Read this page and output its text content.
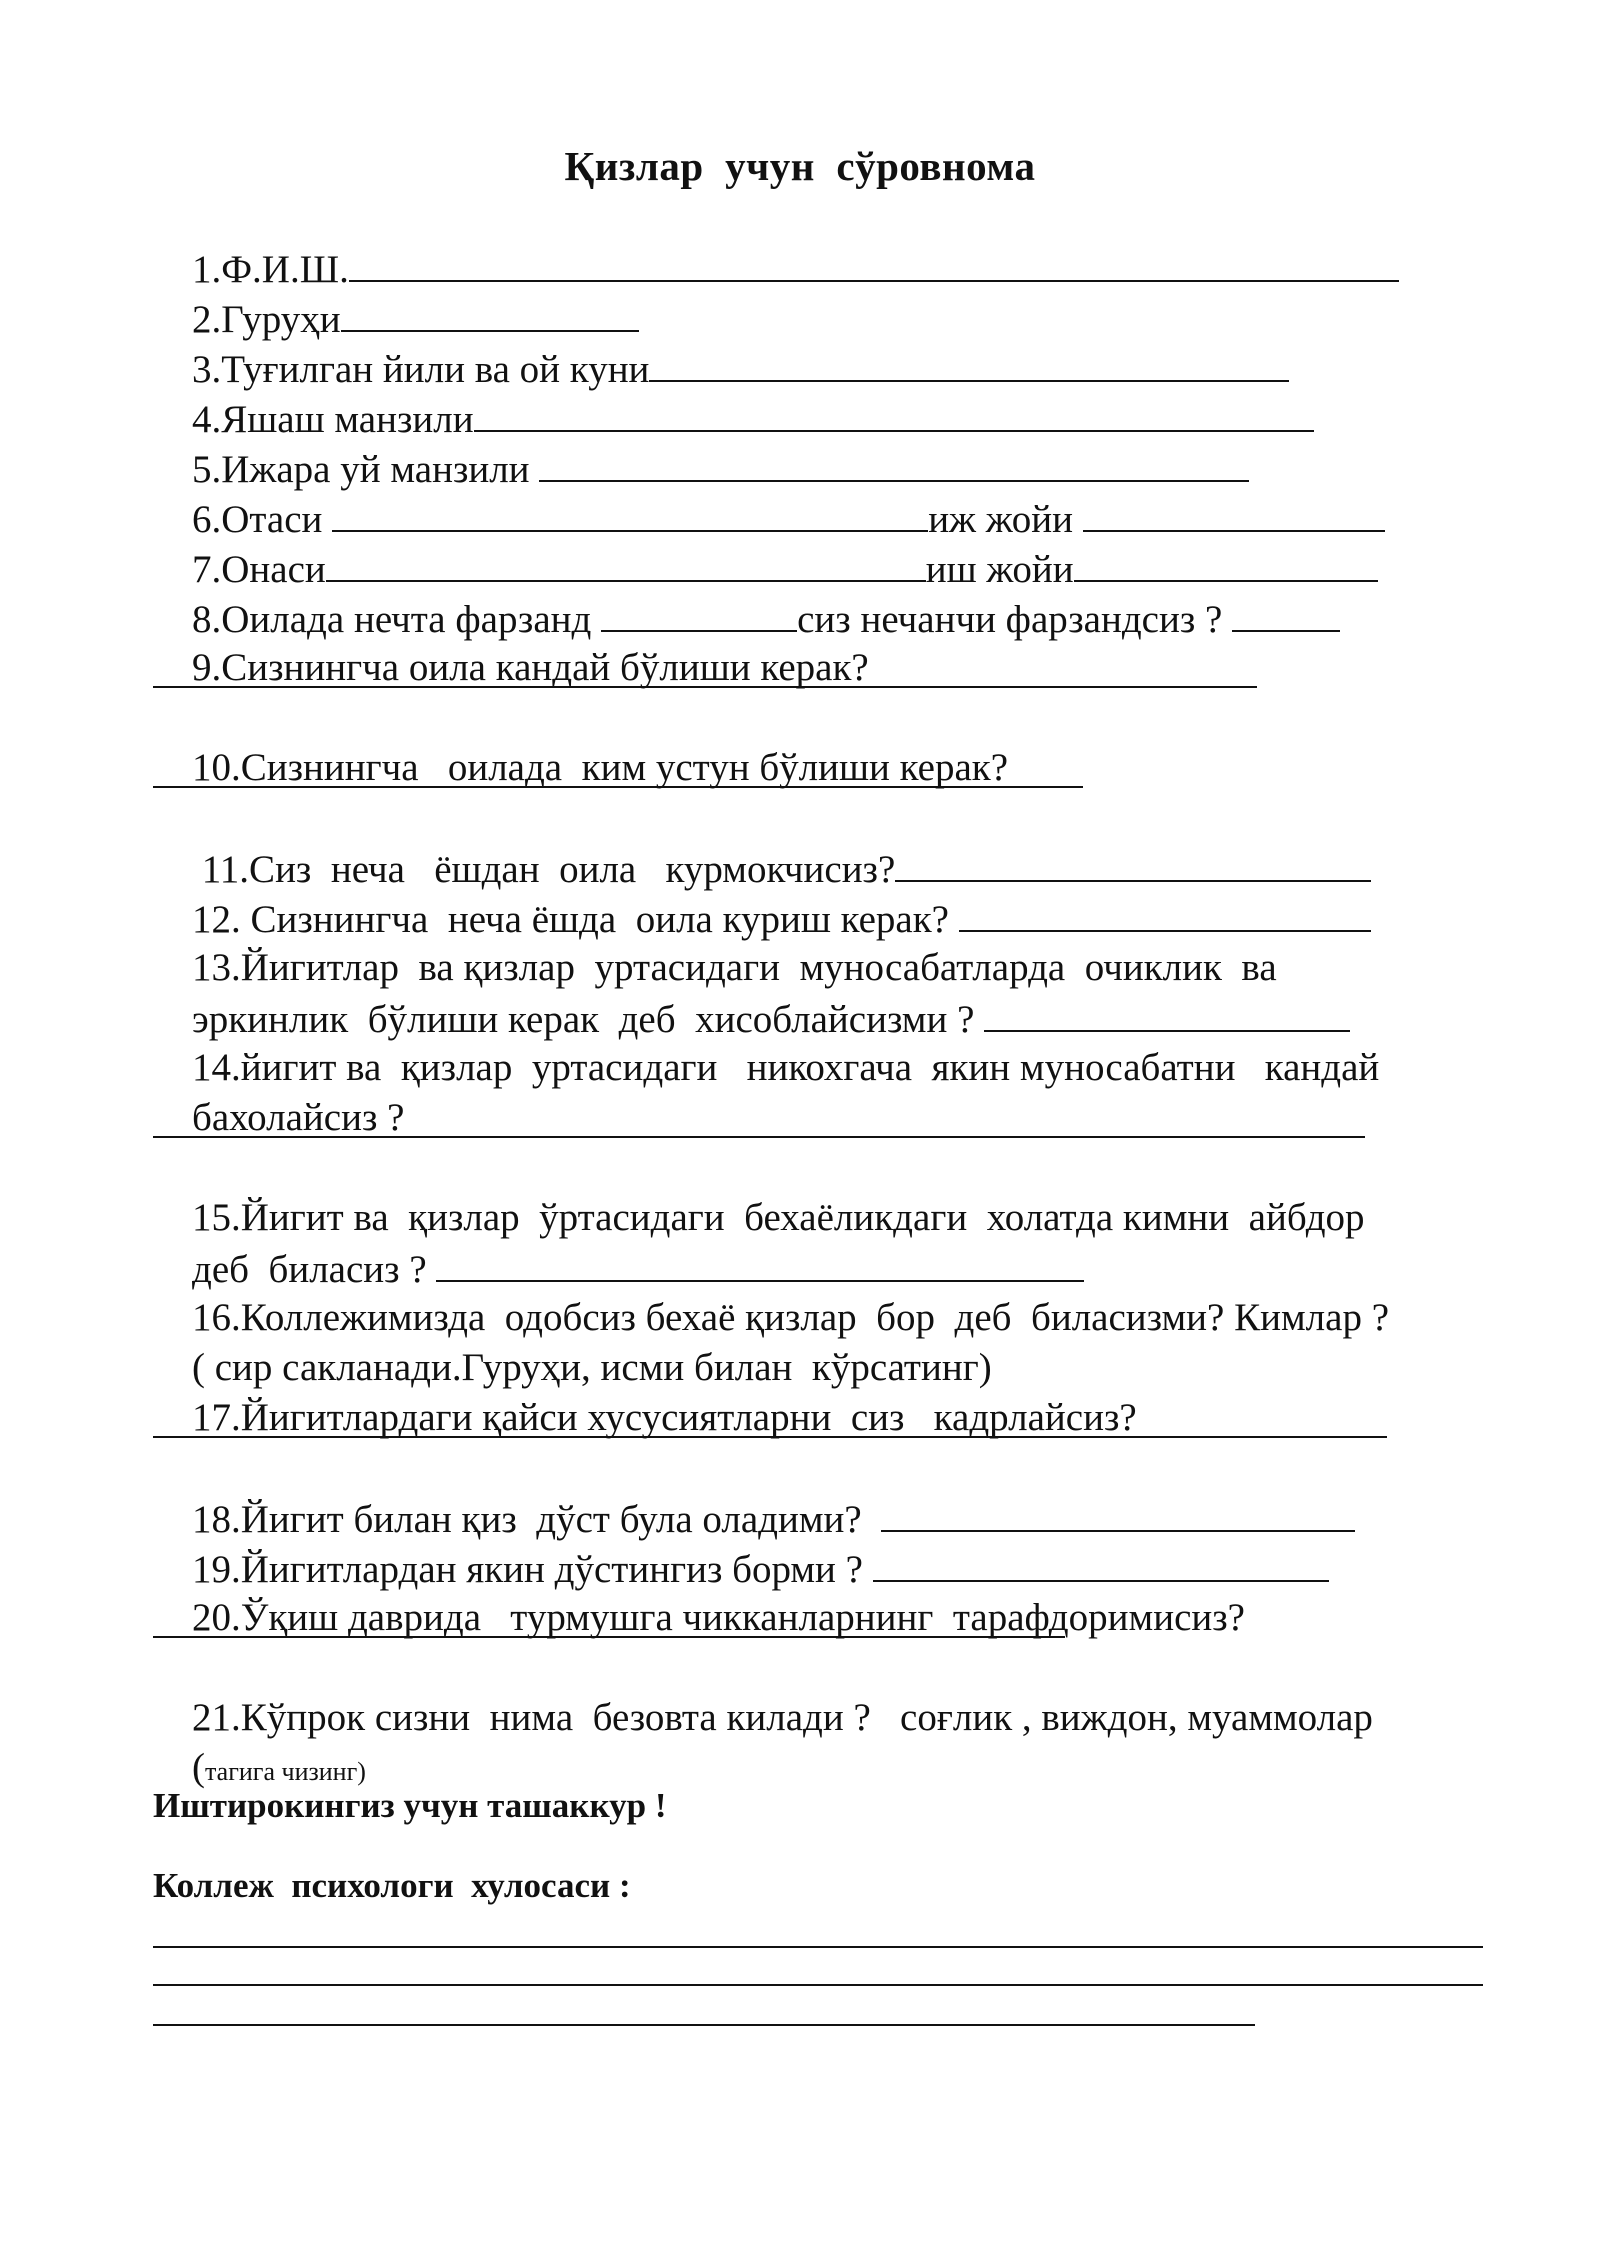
Қизлар  учун  сўровнома

1.Ф.И.Ш.

2.Гуруҳи

3.Туғилган йили ва ой куни

4.Яшаш манзили

5.Ижара уй манзили

6.Отаси	иж жойи

7.Онаси	иш жойи

8.Оилада нечта фарзанд	сиз нечанчи фарзандсиз ?

9.Сизнингча оила кандай бўлиши керак?

10.Сизнингча   оилада  ким устун бўлиши керак?

11.Сиз  неча   ёшдан  оила   курмокчисиз?

12. Сизнингча  неча ёшда  оила куриш керак?

13.Йигитлар  ва қизлар  уртасидаги  муносабатларда  очиклик  ва

эркинлик  бўлиши керак  деб  хисоблайсизми ?

14.йигит ва  қизлар  уртасидаги   никохгача  якин муносабатни   кандай

бахолайсиз ?

15.Йигит ва  қизлар  ўртасидаги  бехаёликдаги  холатда кимни  айбдор

деб  биласиз ?

16.Коллежимизда  одобсиз бехаё қизлар  бор  деб  биласизми? Кимлар ?

( сир сакланади.Гуруҳи, исми билан  кўрсатинг)

17.Йигитлардаги қайси хусусиятларни  сиз   кадрлайсиз?

18.Йигит билан қиз  дўст була оладими?

19.Йигитлардан якин дўстингиз борми ?

20.Ўқиш даврида   турмушга чикканларнинг  тарафдоримисиз?

21.Кўпрок сизни  нима  безовта килади ?   соғлик , виждон, муаммолар

(тагига чизинг)

Иштирокингиз учун ташаккур !
Коллеж  психологи  хулосаси :
